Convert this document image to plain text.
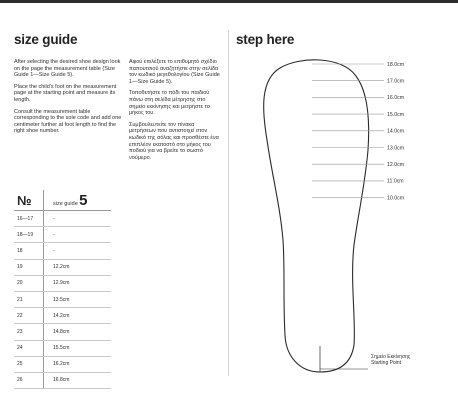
size guide

After selecting the desired shoe design look on the page the measurement table (Size Guide 1—Size Guide 5).

Place the child’s foot on the measurement page at the starting point and measure its length.

Consult the measurement table corresponding to the sole code and add one centimeter further at foot length to find the right shoe number.

Αφού επιλέξετε το επιθυμητό σχέδιο παπουτσιού αναζητήστε στην σελίδα τον κωδικό μεγεθολογίου (Size Guide 1—Size Guide 5).

Τοποθετήστε το πόδι του παιδιού πάνω στη σελίδα μέτρησης στο σημείο εκκίνησης και μετρήστε το μήκος του.

Συμβουλευτείτε τον πίνακα μετρήσεων που αντιστοιχεί στον κωδικό της σόλας και προσθέστε ένα επιπλέον εκατοστό στο μήκος του ποδιού για να βρείτε το σωστό νούμερο.

№	size guide 5
16—17	-
18—19	-
18	-
19	12.2cm
20	12.9cm
21	13.5cm
22	14.2cm
23	14.8cm
24	15.5cm
25	16.2cm
26	16.8cm
step here
18.0cm
17.0cm
16.0cm
15.0cm
14.0cm
13.0cm
12.0cm
11.0cm
10.0cm
Σημείο Εκκίνησης
Starting Point
